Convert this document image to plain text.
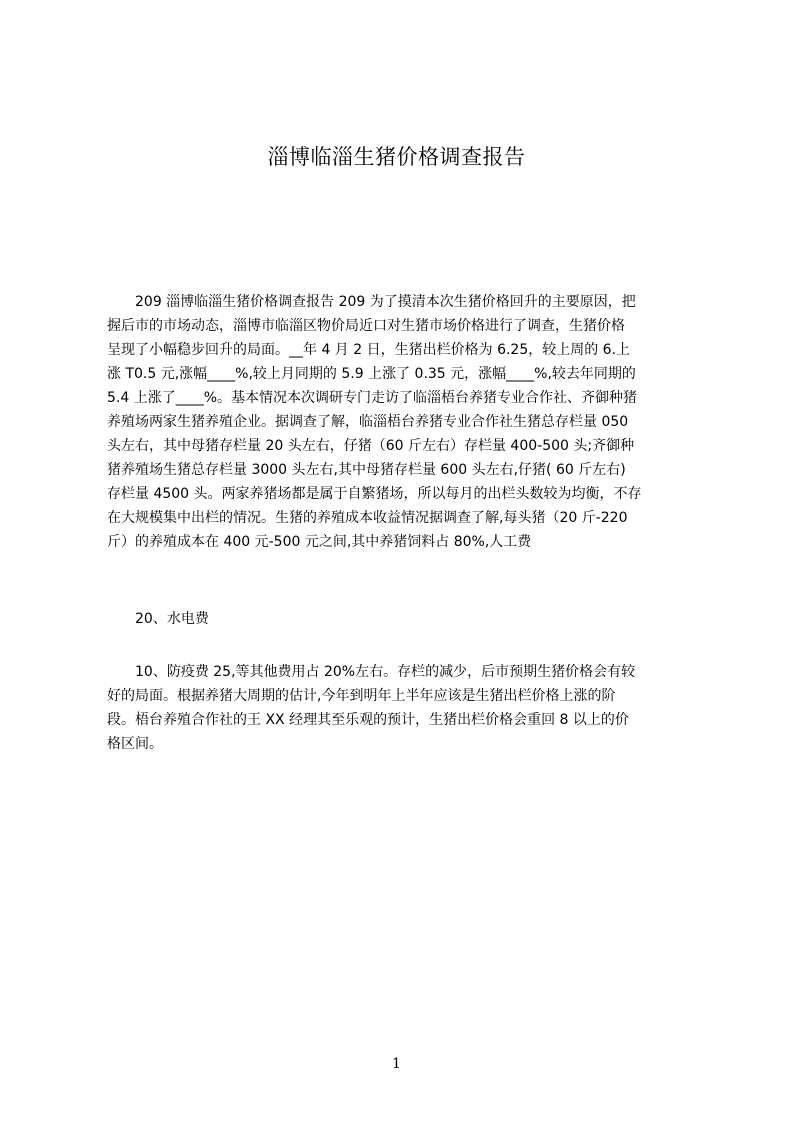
淄博临淄生猪价格调查报告
　　209 淄博临淄生猪价格调查报告 209 为了摸清本次生猪价格回升的主要原因，把
握后市的市场动态，淄博市临淄区物价局近口对生猪市场价格进行了调查，生猪价格
呈现了小幅稳步回升的局面。__年 4 月 2 日，生猪出栏价格为 6.25，较上周的 6.上
涨 T0.5 元,涨幅____%,较上月同期的 5.9 上涨了 0.35 元，涨幅____%,较去年同期的
5.4 上涨了____%。基本情况本次调研专门走访了临淄梧台养猪专业合作社、齐御种猪
养殖场两家生猪养殖企业。据调查了解，临淄梧台养猪专业合作社生猪总存栏量 050
头左右，其中母猪存栏量 20 头左右，仔猪（60 斤左右）存栏量 400-500 头;齐御种
猪养殖场生猪总存栏量 3000 头左右,其中母猪存栏量 600 头左右,仔猪( 60 斤左右)
存栏量 4500 头。两家养猪场都是属于自繁猪场，所以每月的出栏头数较为均衡，不存
在大规模集中出栏的情况。生猪的养殖成本收益情况据调查了解,每头猪（20 斤-220
斤）的养殖成本在 400 元-500 元之间,其中养猪饲料占 80%,人工费
　　20、水电费
　　10、防疫费 25,等其他费用占 20%左右。存栏的减少，后市预期生猪价格会有较
好的局面。根据养猪大周期的估计,今年到明年上半年应该是生猪出栏价格上涨的阶
段。梧台养殖合作社的王 XX 经理其至乐观的预计，生猪出栏价格会重回 8 以上的价
格区间。
1
